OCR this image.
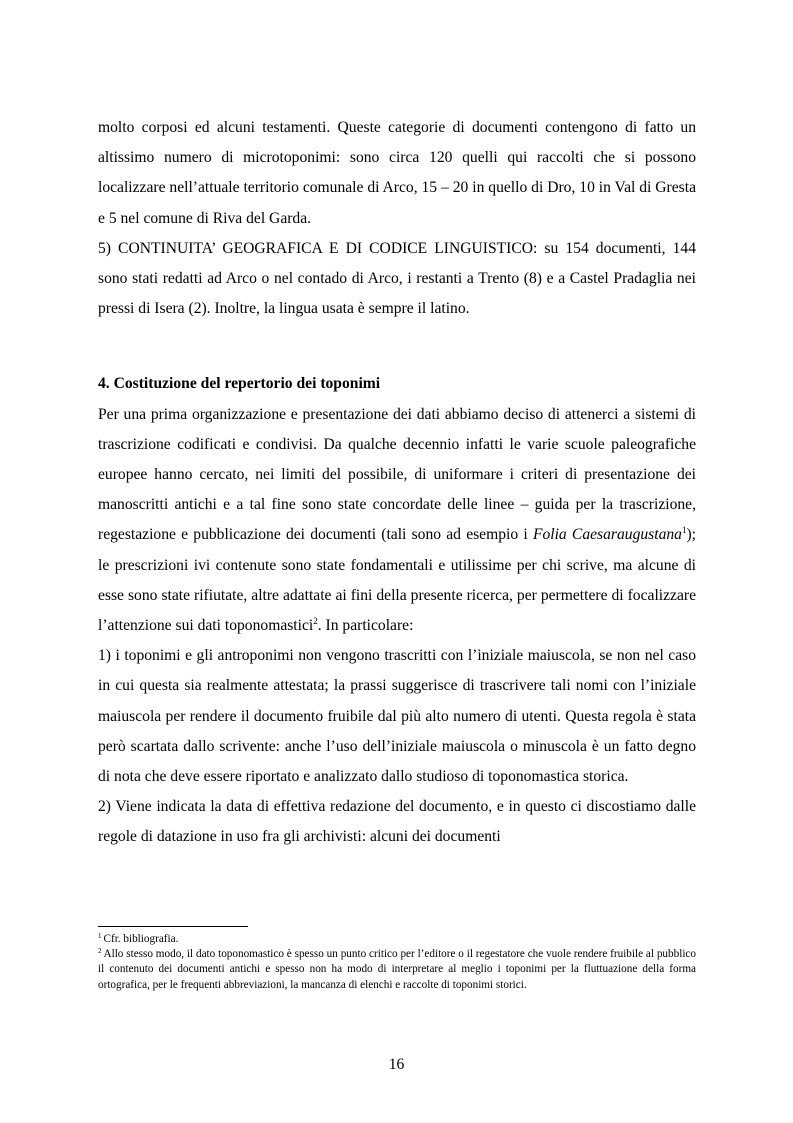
molto corposi ed alcuni testamenti. Queste categorie di documenti contengono di fatto un altissimo numero di microtoponimi: sono circa 120 quelli qui raccolti che si possono localizzare nell’attuale territorio comunale di Arco, 15 – 20 in quello di Dro, 10 in Val di Gresta e 5 nel comune di Riva del Garda.

5) CONTINUITA’ GEOGRAFICA E DI CODICE LINGUISTICO: su 154 documenti, 144 sono stati redatti ad Arco o nel contado di Arco, i restanti a Trento (8) e a Castel Pradaglia nei pressi di Isera (2). Inoltre, la lingua usata è sempre il latino.

4. Costituzione del repertorio dei toponimi

Per una prima organizzazione e presentazione dei dati abbiamo deciso di attenerci a sistemi di trascrizione codificati e condivisi. Da qualche decennio infatti le varie scuole paleografiche europee hanno cercato, nei limiti del possibile, di uniformare i criteri di presentazione dei manoscritti antichi e a tal fine sono state concordate delle linee – guida per la trascrizione, regestazione e pubblicazione dei documenti (tali sono ad esempio i Folia Caesaraugustana$^1$); le prescrizioni ivi contenute sono state fondamentali e utilissime per chi scrive, ma alcune di esse sono state rifiutate, altre adattate ai fini della presente ricerca, per permettere di focalizzare l’attenzione sui dati toponomastici$^2$. In particolare:

1) i toponimi e gli antroponimi non vengono trascritti con l’iniziale maiuscola, se non nel caso in cui questa sia realmente attestata; la prassi suggerisce di trascrivere tali nomi con l’iniziale maiuscola per rendere il documento fruibile dal più alto numero di utenti. Questa regola è stata però scartata dallo scrivente: anche l’uso dell’iniziale maiuscola o minuscola è un fatto degno di nota che deve essere riportato e analizzato dallo studioso di toponomastica storica.

2) Viene indicata la data di effettiva redazione del documento, e in questo ci discostiamo dalle regole di datazione in uso fra gli archivisti: alcuni dei documenti

$^1$ Cfr. bibliografia.

$^2$ Allo stesso modo, il dato toponomastico è spesso un punto critico per l’editore o il regestatore che vuole rendere fruibile al pubblico il contenuto dei documenti antichi e spesso non ha modo di interpretare al meglio i toponimi per la fluttuazione della forma ortografica, per le frequenti abbreviazioni, la mancanza di elenchi e raccolte di toponimi storici.

16
